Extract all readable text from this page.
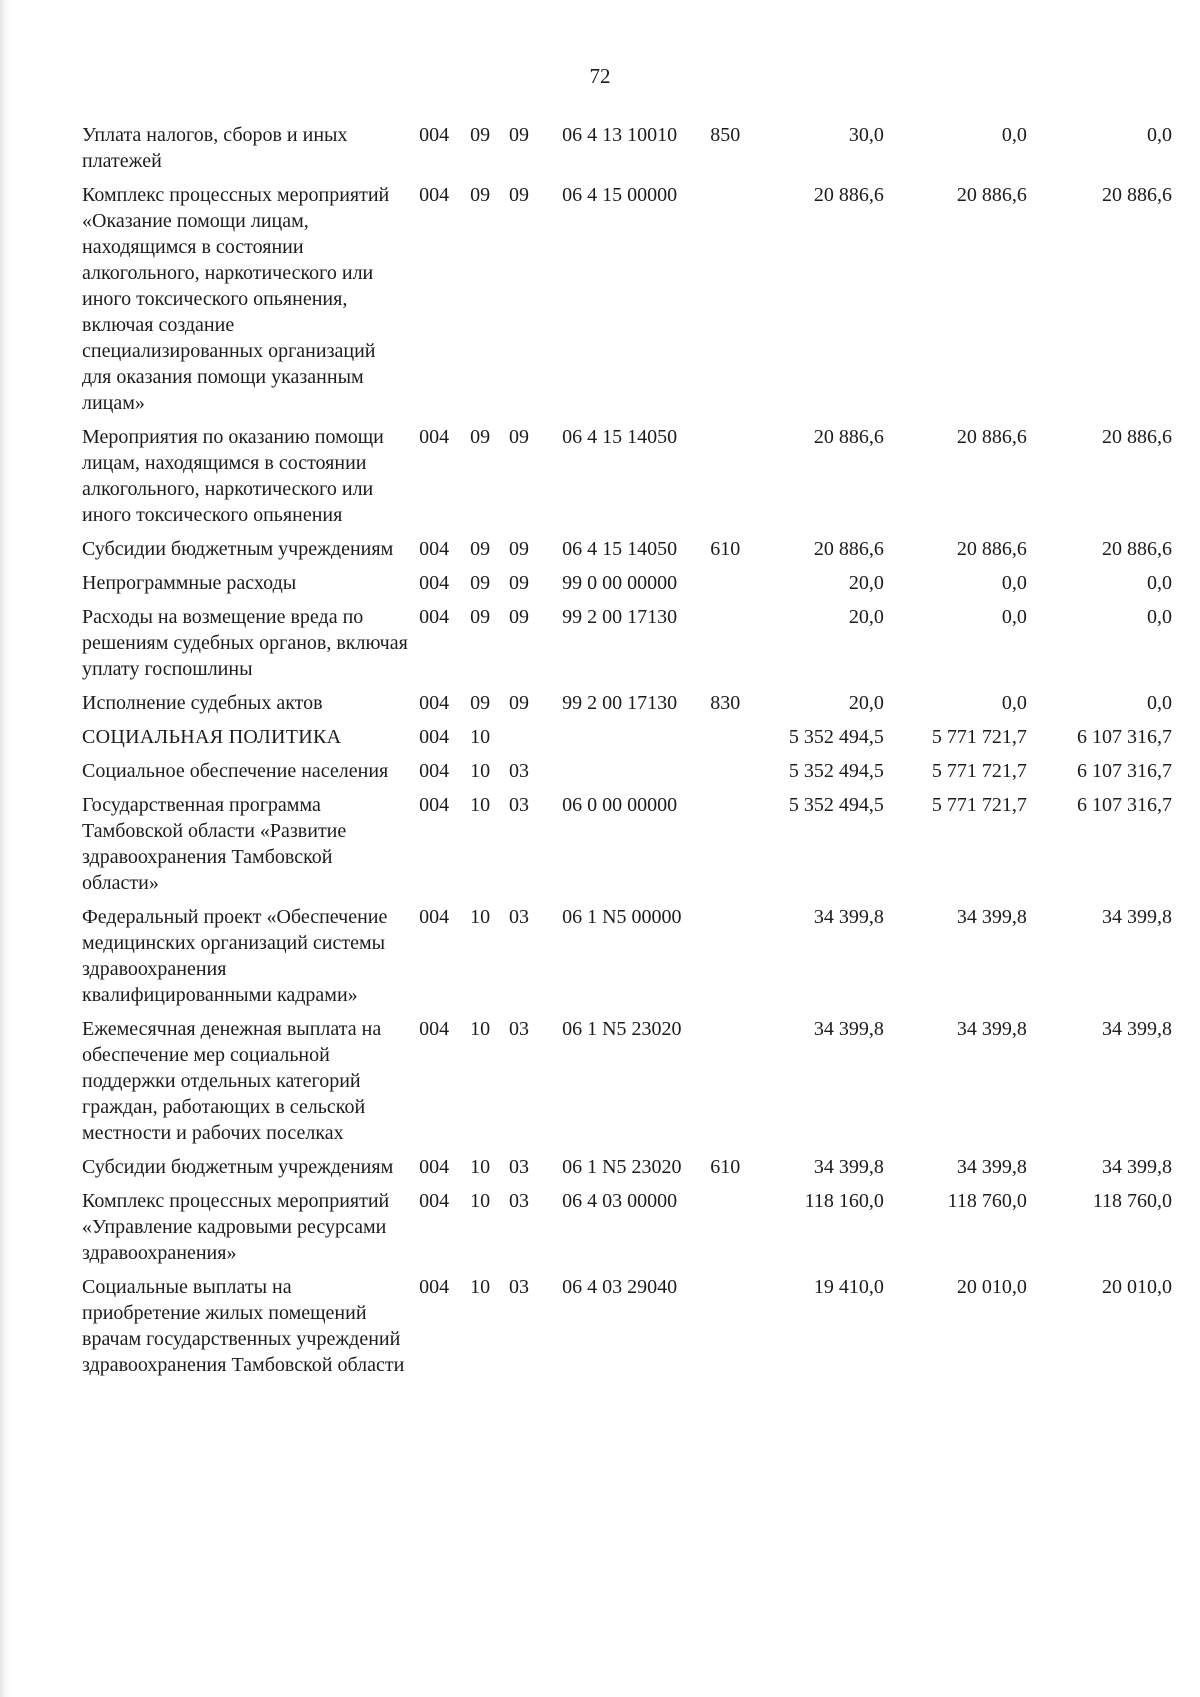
72
Уплата налогов, сборов и иных платежей	004	09	09	06 4 13 10010	850	30,0	0,0	0,0
Комплекс процессных мероприятий «Оказание помощи лицам, находящимся в состоянии алкогольного, наркотического или иного токсического опьянения, включая создание специализированных организаций для оказания помощи указанным лицам»	004	09	09	06 4 15 00000		20 886,6	20 886,6	20 886,6
Мероприятия по оказанию помощи лицам, находящимся в состоянии алкогольного, наркотического или иного токсического опьянения	004	09	09	06 4 15 14050		20 886,6	20 886,6	20 886,6
Субсидии бюджетным учреждениям	004	09	09	06 4 15 14050	610	20 886,6	20 886,6	20 886,6
Непрограммные расходы	004	09	09	99 0 00 00000		20,0	0,0	0,0
Расходы на возмещение вреда по решениям судебных органов, включая уплату госпошлины	004	09	09	99 2 00 17130		20,0	0,0	0,0
Исполнение судебных актов	004	09	09	99 2 00 17130	830	20,0	0,0	0,0
СОЦИАЛЬНАЯ ПОЛИТИКА	004	10				5 352 494,5	5 771 721,7	6 107 316,7
Социальное обеспечение населения	004	10	03			5 352 494,5	5 771 721,7	6 107 316,7
Государственная программа Тамбовской области «Развитие здравоохранения Тамбовской области»	004	10	03	06 0 00 00000		5 352 494,5	5 771 721,7	6 107 316,7
Федеральный проект «Обеспечение медицинских организаций системы здравоохранения квалифицированными кадрами»	004	10	03	06 1 N5 00000		34 399,8	34 399,8	34 399,8
Ежемесячная денежная выплата на обеспечение мер социальной поддержки отдельных категорий граждан, работающих в сельской местности и рабочих поселках	004	10	03	06 1 N5 23020		34 399,8	34 399,8	34 399,8
Субсидии бюджетным учреждениям	004	10	03	06 1 N5 23020	610	34 399,8	34 399,8	34 399,8
Комплекс процессных мероприятий «Управление кадровыми ресурсами здравоохранения»	004	10	03	06 4 03 00000		118 160,0	118 760,0	118 760,0
Социальные выплаты на приобретение жилых помещений врачам государственных учреждений здравоохранения Тамбовской области	004	10	03	06 4 03 29040		19 410,0	20 010,0	20 010,0
